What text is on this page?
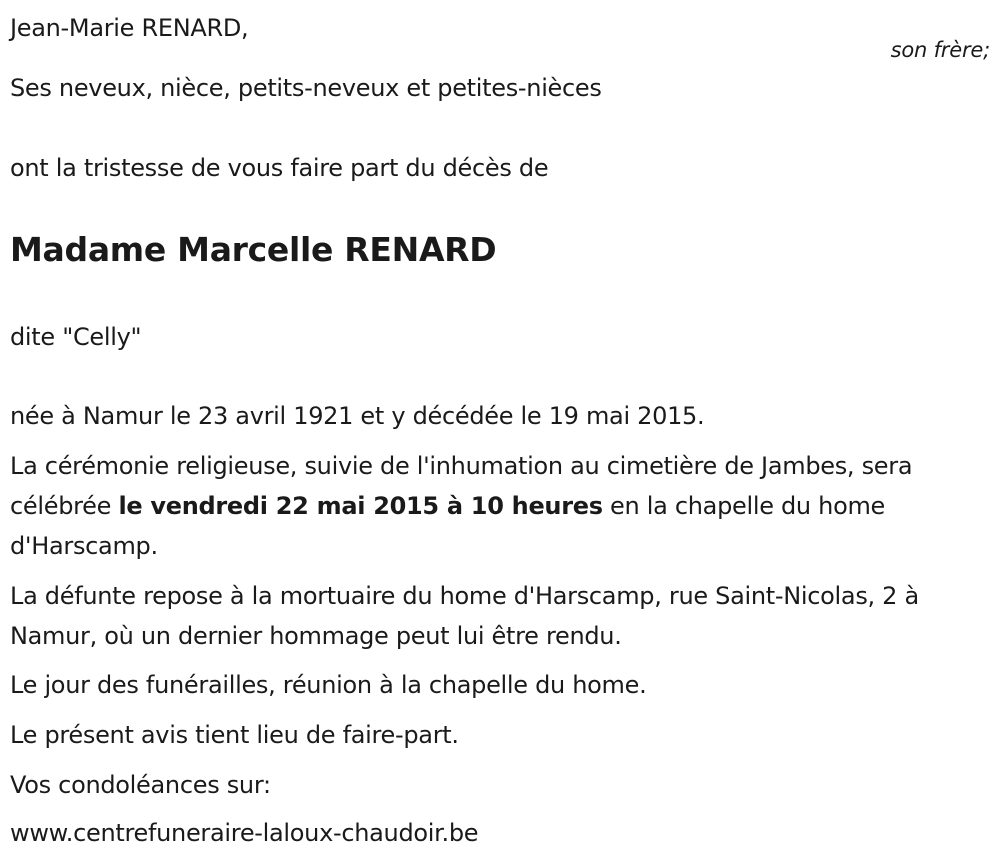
Jean-Marie RENARD,
son frère;
Ses neveux, nièce, petits-neveux et petites-nièces
ont la tristesse de vous faire part du décès de
Madame Marcelle RENARD
dite "Celly"
née à Namur le 23 avril 1921 et y décédée le 19 mai 2015.
La cérémonie religieuse, suivie de l'inhumation au cimetière de Jambes, sera célébrée le vendredi 22 mai 2015 à 10 heures en la chapelle du home d'Harscamp.
La défunte repose à la mortuaire du home d'Harscamp, rue Saint-Nicolas, 2 à Namur, où un dernier hommage peut lui être rendu.
Le jour des funérailles, réunion à la chapelle du home.
Le présent avis tient lieu de faire-part.
Vos condoléances sur:
www.centrefuneraire-laloux-chaudoir.be
